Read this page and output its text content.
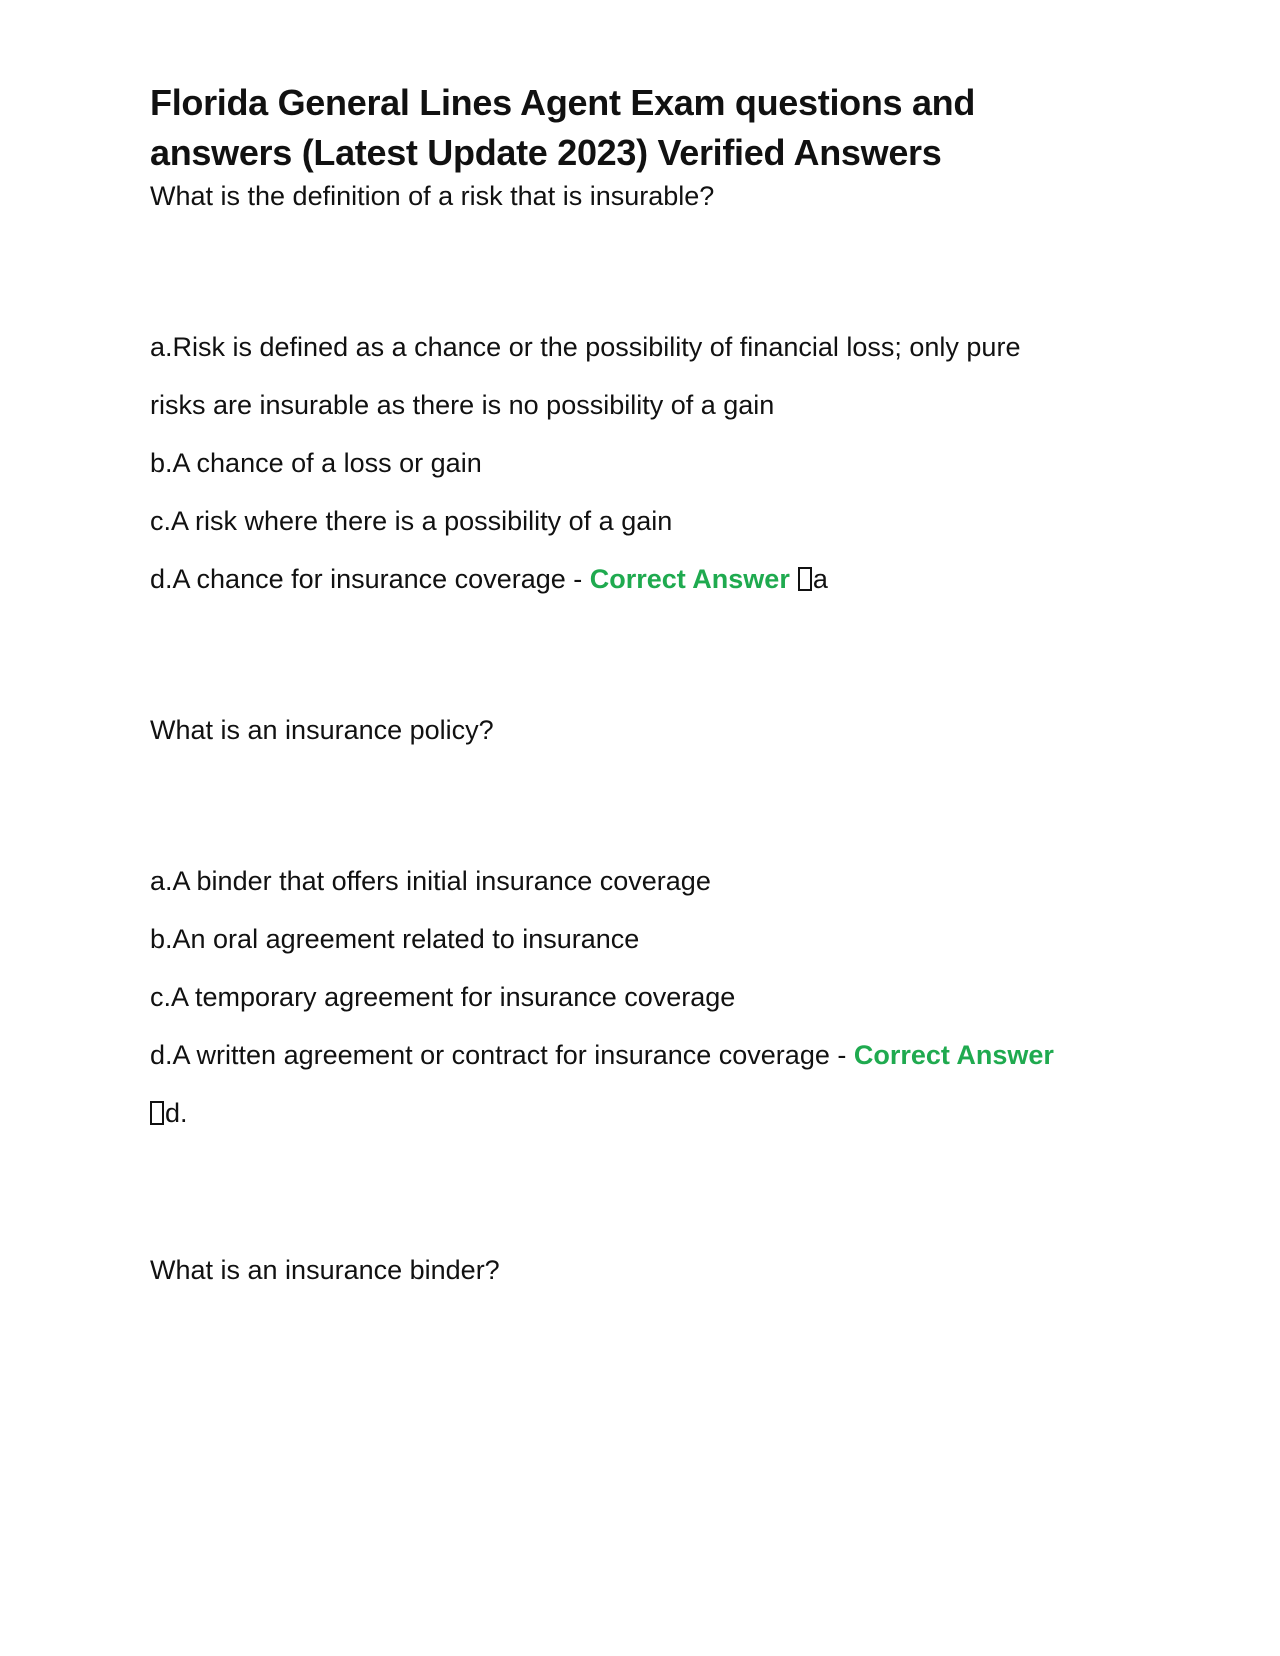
Florida General Lines Agent Exam questions and
answers (Latest Update 2023) Verified Answers

What is the definition of a risk that is insurable?

a.Risk is defined as a chance or the possibility of financial loss; only pure
risks are insurable as there is no possibility of a gain

b.A chance of a loss or gain

c.A risk where there is a possibility of a gain

d.A chance for insurance coverage - Correct Answer a

What is an insurance policy?

a.A binder that offers initial insurance coverage

b.An oral agreement related to insurance

c.A temporary agreement for insurance coverage

d.A written agreement or contract for insurance coverage - Correct Answer
d.

What is an insurance binder?
